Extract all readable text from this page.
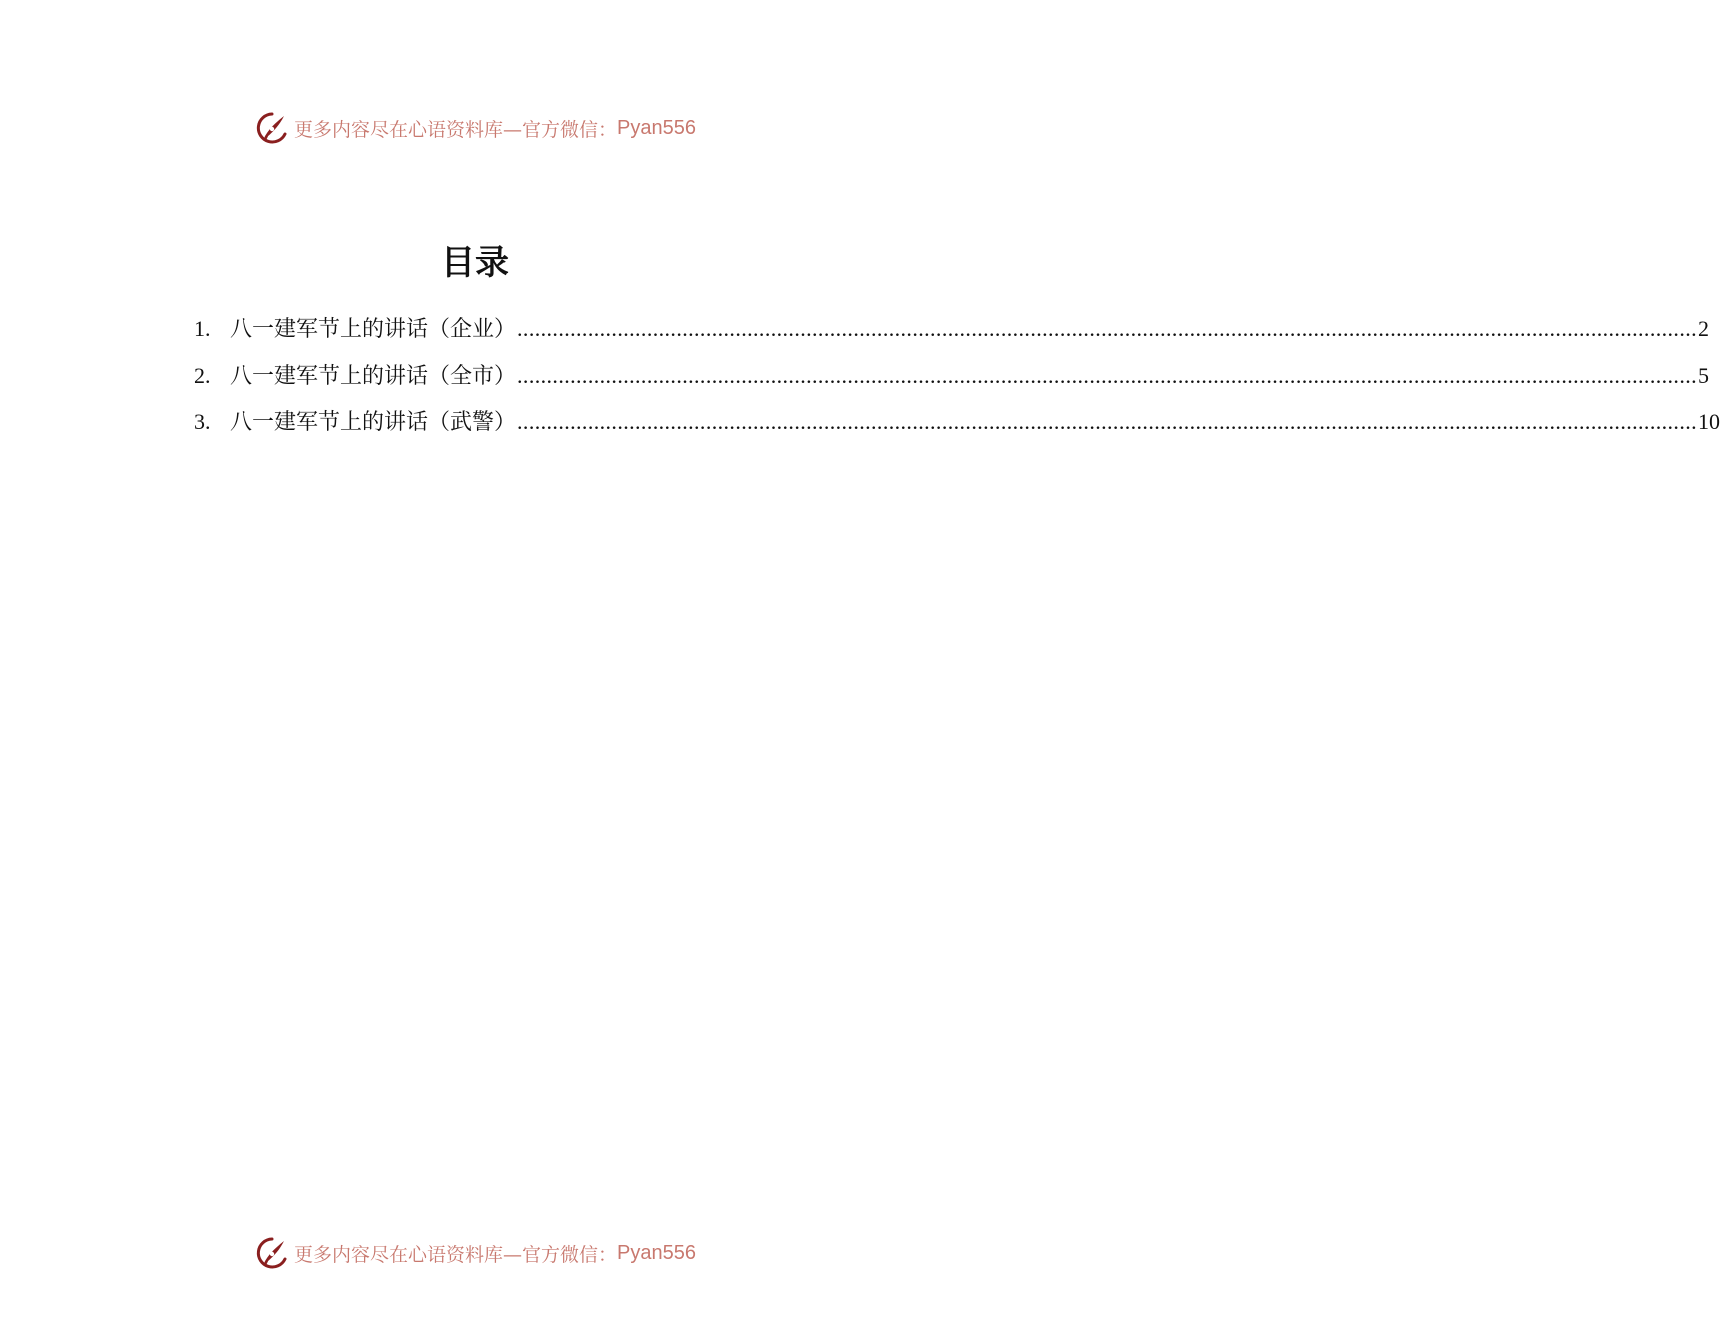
更多内容尽在心语资料库—官方微信： Pyan556
目录
1. 八一建军节上的讲话（企业） ........................................................................................................................................................................................................ 2
2. 八一建军节上的讲话（全市） ........................................................................................................................................................................................................ 5
3. 八一建军节上的讲话（武警） ........................................................................................................................................................................................................ 10
更多内容尽在心语资料库—官方微信： Pyan556
